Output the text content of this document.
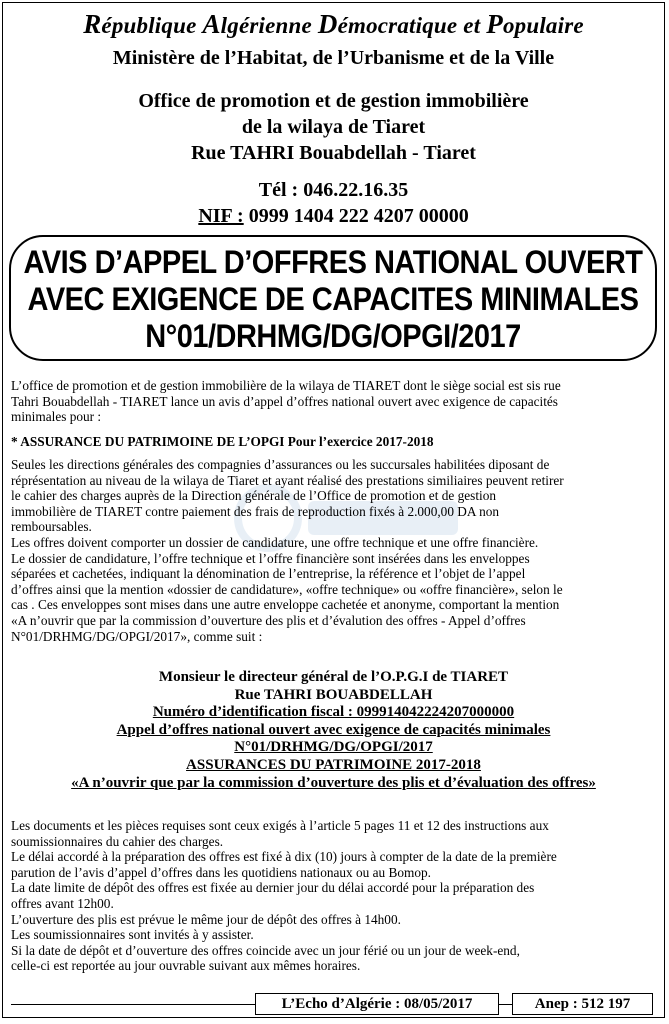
République Algérienne Démocratique et Populaire
Ministère de l’Habitat, de l’Urbanisme et de la Ville
Office de promotion et de gestion immobilière
de la wilaya de Tiaret
Rue TAHRI Bouabdellah - Tiaret
Tél : 046.22.16.35
NIF : 0999 1404 222 4207 00000
AVIS D’APPEL D’OFFRES NATIONAL OUVERT
AVEC EXIGENCE DE CAPACITES MINIMALES
N°01/DRHMG/DG/OPGI/2017
L’office de promotion et de gestion immobilière de la wilaya de TIARET dont le siège social est sis rue
Tahri Bouabdellah - TIARET lance un avis d’appel d’offres national ouvert avec exigence de capacités
minimales pour :
* ASSURANCE DU PATRIMOINE DE L’OPGI Pour l’exercice 2017-2018
Seules les directions générales des compagnies d’assurances ou les succursales habilitées diposant de
réprésentation au niveau de la wilaya de Tiaret et ayant réalisé des prestations similiaires peuvent retirer
le cahier des charges auprès de la Direction générale de l’Office de promotion et de gestion
immobilière de TIARET contre paiement des frais de reproduction fixés à 2.000,00 DA non
remboursables.
Les offres doivent comporter un dossier de candidature, une offre technique et une offre financière.
Le dossier de candidature, l’offre technique et l’offre financière sont insérées dans les enveloppes
séparées et cachetées, indiquant la dénomination de l’entreprise, la référence et l’objet de l’appel
d’offres ainsi que la mention «dossier de candidature», «offre technique» ou «offre financière», selon le
cas . Ces enveloppes sont mises dans une autre enveloppe cachetée et anonyme, comportant la mention
«A n’ouvrir que par la commission d’ouverture des plis et d’évalution des offres - Appel d’offres
N°01/DRHMG/DG/OPGI/2017», comme suit :
Monsieur le directeur général de l’O.P.G.I de TIARET
Rue TAHRI BOUABDELLAH
Numéro d’identification fiscal : 099914042224207000000
Appel d’offres national ouvert avec exigence de capacités minimales
N°01/DRHMG/DG/OPGI/2017
ASSURANCES DU PATRIMOINE 2017-2018
«A n’ouvrir que par la commission d’ouverture des plis et d’évaluation des offres»
Les documents et les pièces requises sont ceux exigés à l’article 5 pages 11 et 12 des instructions aux
soumissionnaires du cahier des charges.
Le délai accordé à la préparation des offres est fixé à dix (10) jours à compter de la date de la première
parution de l’avis d’appel d’offres dans les quotidiens nationaux ou au Bomop.
La date limite de dépôt des offres est fixée au dernier jour du délai accordé pour la préparation des
offres avant 12h00.
L’ouverture des plis est prévue le même jour de dépôt des offres à 14h00.
Les soumissionnaires sont invités à y assister.
Si la date de dépôt et d’ouverture des offres coincide avec un jour férié ou un jour de week-end,
celle-ci est reportée au jour ouvrable suivant aux mêmes horaires.
L’Echo d’Algérie : 08/05/2017	Anep : 512 197
